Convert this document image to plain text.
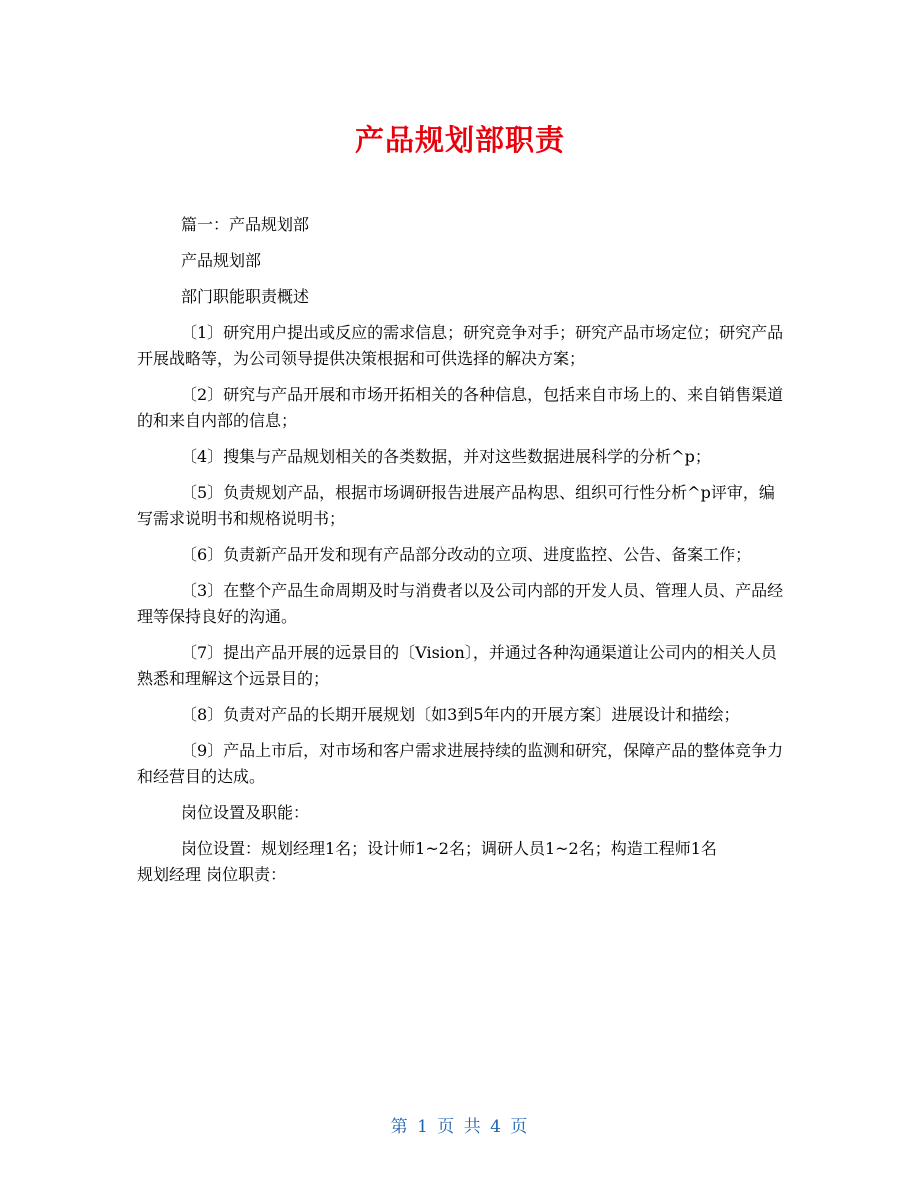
产品规划部职责

篇一：产品规划部

产品规划部

部门职能职责概述

〔1〕研究用户提出或反应的需求信息；研究竞争对手；研究产品市场定位；研究产品开展战略等，为公司领导提供决策根据和可供选择的解决方案；

〔2〕研究与产品开展和市场开拓相关的各种信息，包括来自市场上的、来自销售渠道的和来自内部的信息；

〔4〕搜集与产品规划相关的各类数据，并对这些数据进展科学的分析^p；

〔5〕负责规划产品，根据市场调研报告进展产品构思、组织可行性分析^p评审，编写需求说明书和规格说明书；

〔6〕负责新产品开发和现有产品部分改动的立项、进度监控、公告、备案工作；

〔3〕在整个产品生命周期及时与消费者以及公司内部的开发人员、管理人员、产品经理等保持良好的沟通。

〔7〕提出产品开展的远景目的〔Vision〕，并通过各种沟通渠道让公司内的相关人员熟悉和理解这个远景目的；

〔8〕负责对产品的长期开展规划〔如3到5年内的开展方案〕进展设计和描绘；

〔9〕产品上市后，对市场和客户需求进展持续的监测和研究，保障产品的整体竞争力和经营目的达成。

岗位设置及职能：

岗位设置：规划经理1名；设计师1~2名；调研人员1~2名；构造工程师1名

规划经理 岗位职责：

第 1 页 共 4 页
